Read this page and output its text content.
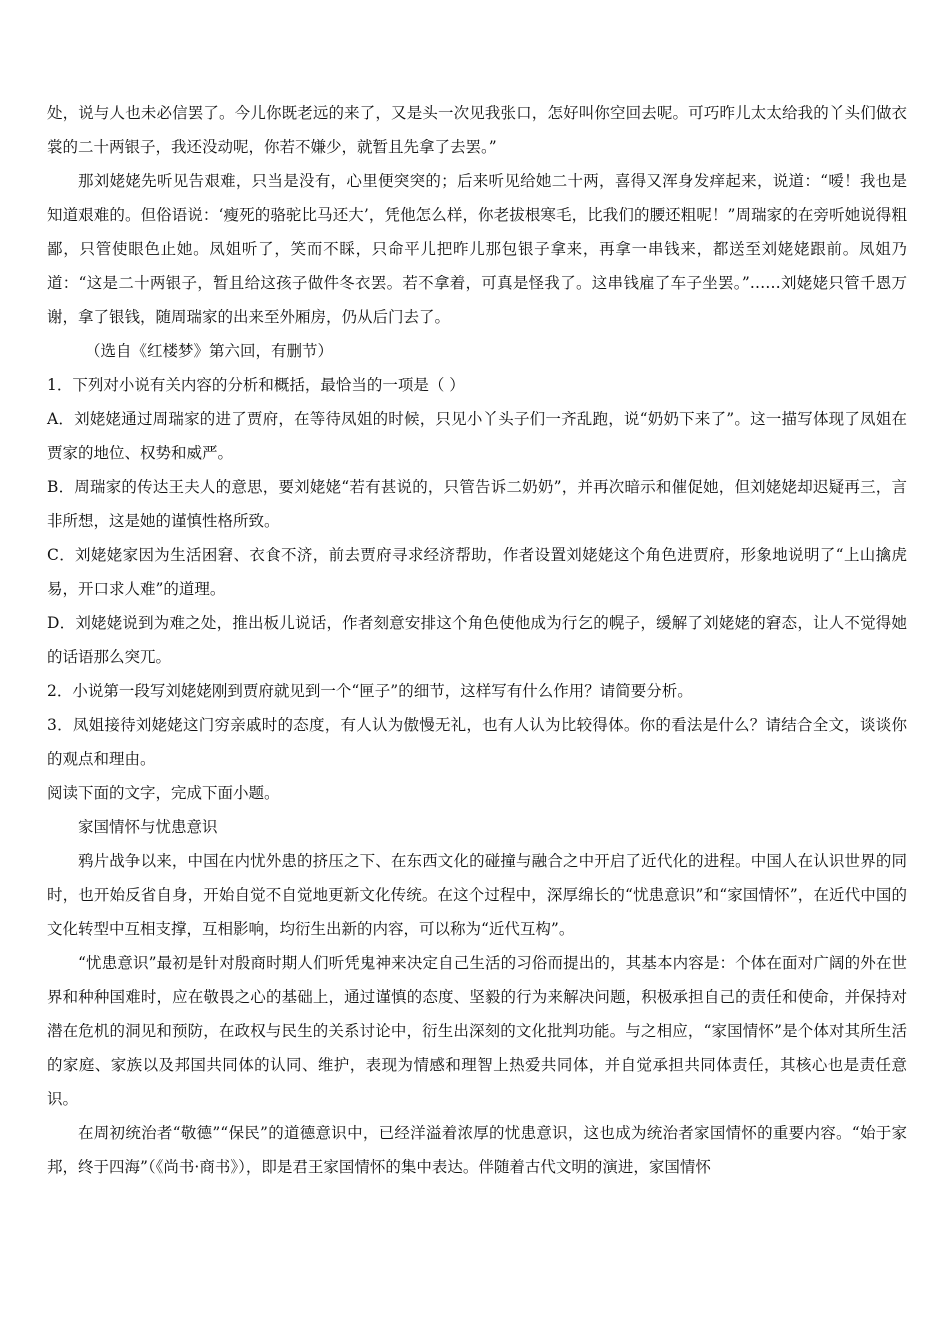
处，说与人也未必信罢了。今儿你既老远的来了，又是头一次见我张口，怎好叫你空回去呢。可巧昨儿太太给我的丫头们做衣裳的二十两银子，我还没动呢，你若不嫌少，就暂且先拿了去罢。”

那刘姥姥先听见告艰难，只当是没有，心里便突突的；后来听见给她二十两，喜得又浑身发痒起来，说道：“嗳！我也是知道艰难的。但俗语说：‘瘦死的骆驼比马还大’，凭他怎么样，你老拔根寒毛，比我们的腰还粗呢！”周瑞家的在旁听她说得粗鄙，只管使眼色止她。凤姐听了，笑而不睬，只命平儿把昨儿那包银子拿来，再拿一串钱来，都送至刘姥姥跟前。凤姐乃道：“这是二十两银子，暂且给这孩子做件冬衣罢。若不拿着，可真是怪我了。这串钱雇了车子坐罢。”……刘姥姥只管千恩万谢，拿了银钱，随周瑞家的出来至外厢房，仍从后门去了。

（选自《红楼梦》第六回，有删节）

1．下列对小说有关内容的分析和概括，最恰当的一项是（ ）

A．刘姥姥通过周瑞家的进了贾府，在等待凤姐的时候，只见小丫头子们一齐乱跑，说“奶奶下来了”。这一描写体现了凤姐在贾家的地位、权势和威严。

B．周瑞家的传达王夫人的意思，要刘姥姥“若有甚说的，只管告诉二奶奶”，并再次暗示和催促她，但刘姥姥却迟疑再三，言非所想，这是她的谨慎性格所致。

C．刘姥姥家因为生活困窘、衣食不济，前去贾府寻求经济帮助，作者设置刘姥姥这个角色进贾府，形象地说明了“上山擒虎易，开口求人难”的道理。

D．刘姥姥说到为难之处，推出板儿说话，作者刻意安排这个角色使他成为行乞的幌子，缓解了刘姥姥的窘态，让人不觉得她的话语那么突兀。

2．小说第一段写刘姥姥刚到贾府就见到一个“匣子”的细节，这样写有什么作用？请简要分析。

3．凤姐接待刘姥姥这门穷亲戚时的态度，有人认为傲慢无礼，也有人认为比较得体。你的看法是什么？请结合全文，谈谈你的观点和理由。

阅读下面的文字，完成下面小题。

家国情怀与忧患意识

鸦片战争以来，中国在内忧外患的挤压之下、在东西文化的碰撞与融合之中开启了近代化的进程。中国人在认识世界的同时，也开始反省自身，开始自觉不自觉地更新文化传统。在这个过程中，深厚绵长的“忧患意识”和“家国情怀”，在近代中国的文化转型中互相支撑，互相影响，均衍生出新的内容，可以称为“近代互构”。

“忧患意识”最初是针对殷商时期人们听凭鬼神来决定自己生活的习俗而提出的，其基本内容是：个体在面对广阔的外在世界和种种国难时，应在敬畏之心的基础上，通过谨慎的态度、坚毅的行为来解决问题，积极承担自己的责任和使命，并保持对潜在危机的洞见和预防，在政权与民生的关系讨论中，衍生出深刻的文化批判功能。与之相应，“家国情怀”是个体对其所生活的家庭、家族以及邦国共同体的认同、维护，表现为情感和理智上热爱共同体，并自觉承担共同体责任，其核心也是责任意识。

在周初统治者“敬德”“保民”的道德意识中，已经洋溢着浓厚的忧患意识，这也成为统治者家国情怀的重要内容。“始于家邦，终于四海”（《尚书·商书》），即是君王家国情怀的集中表达。伴随着古代文明的演进，家国情怀
